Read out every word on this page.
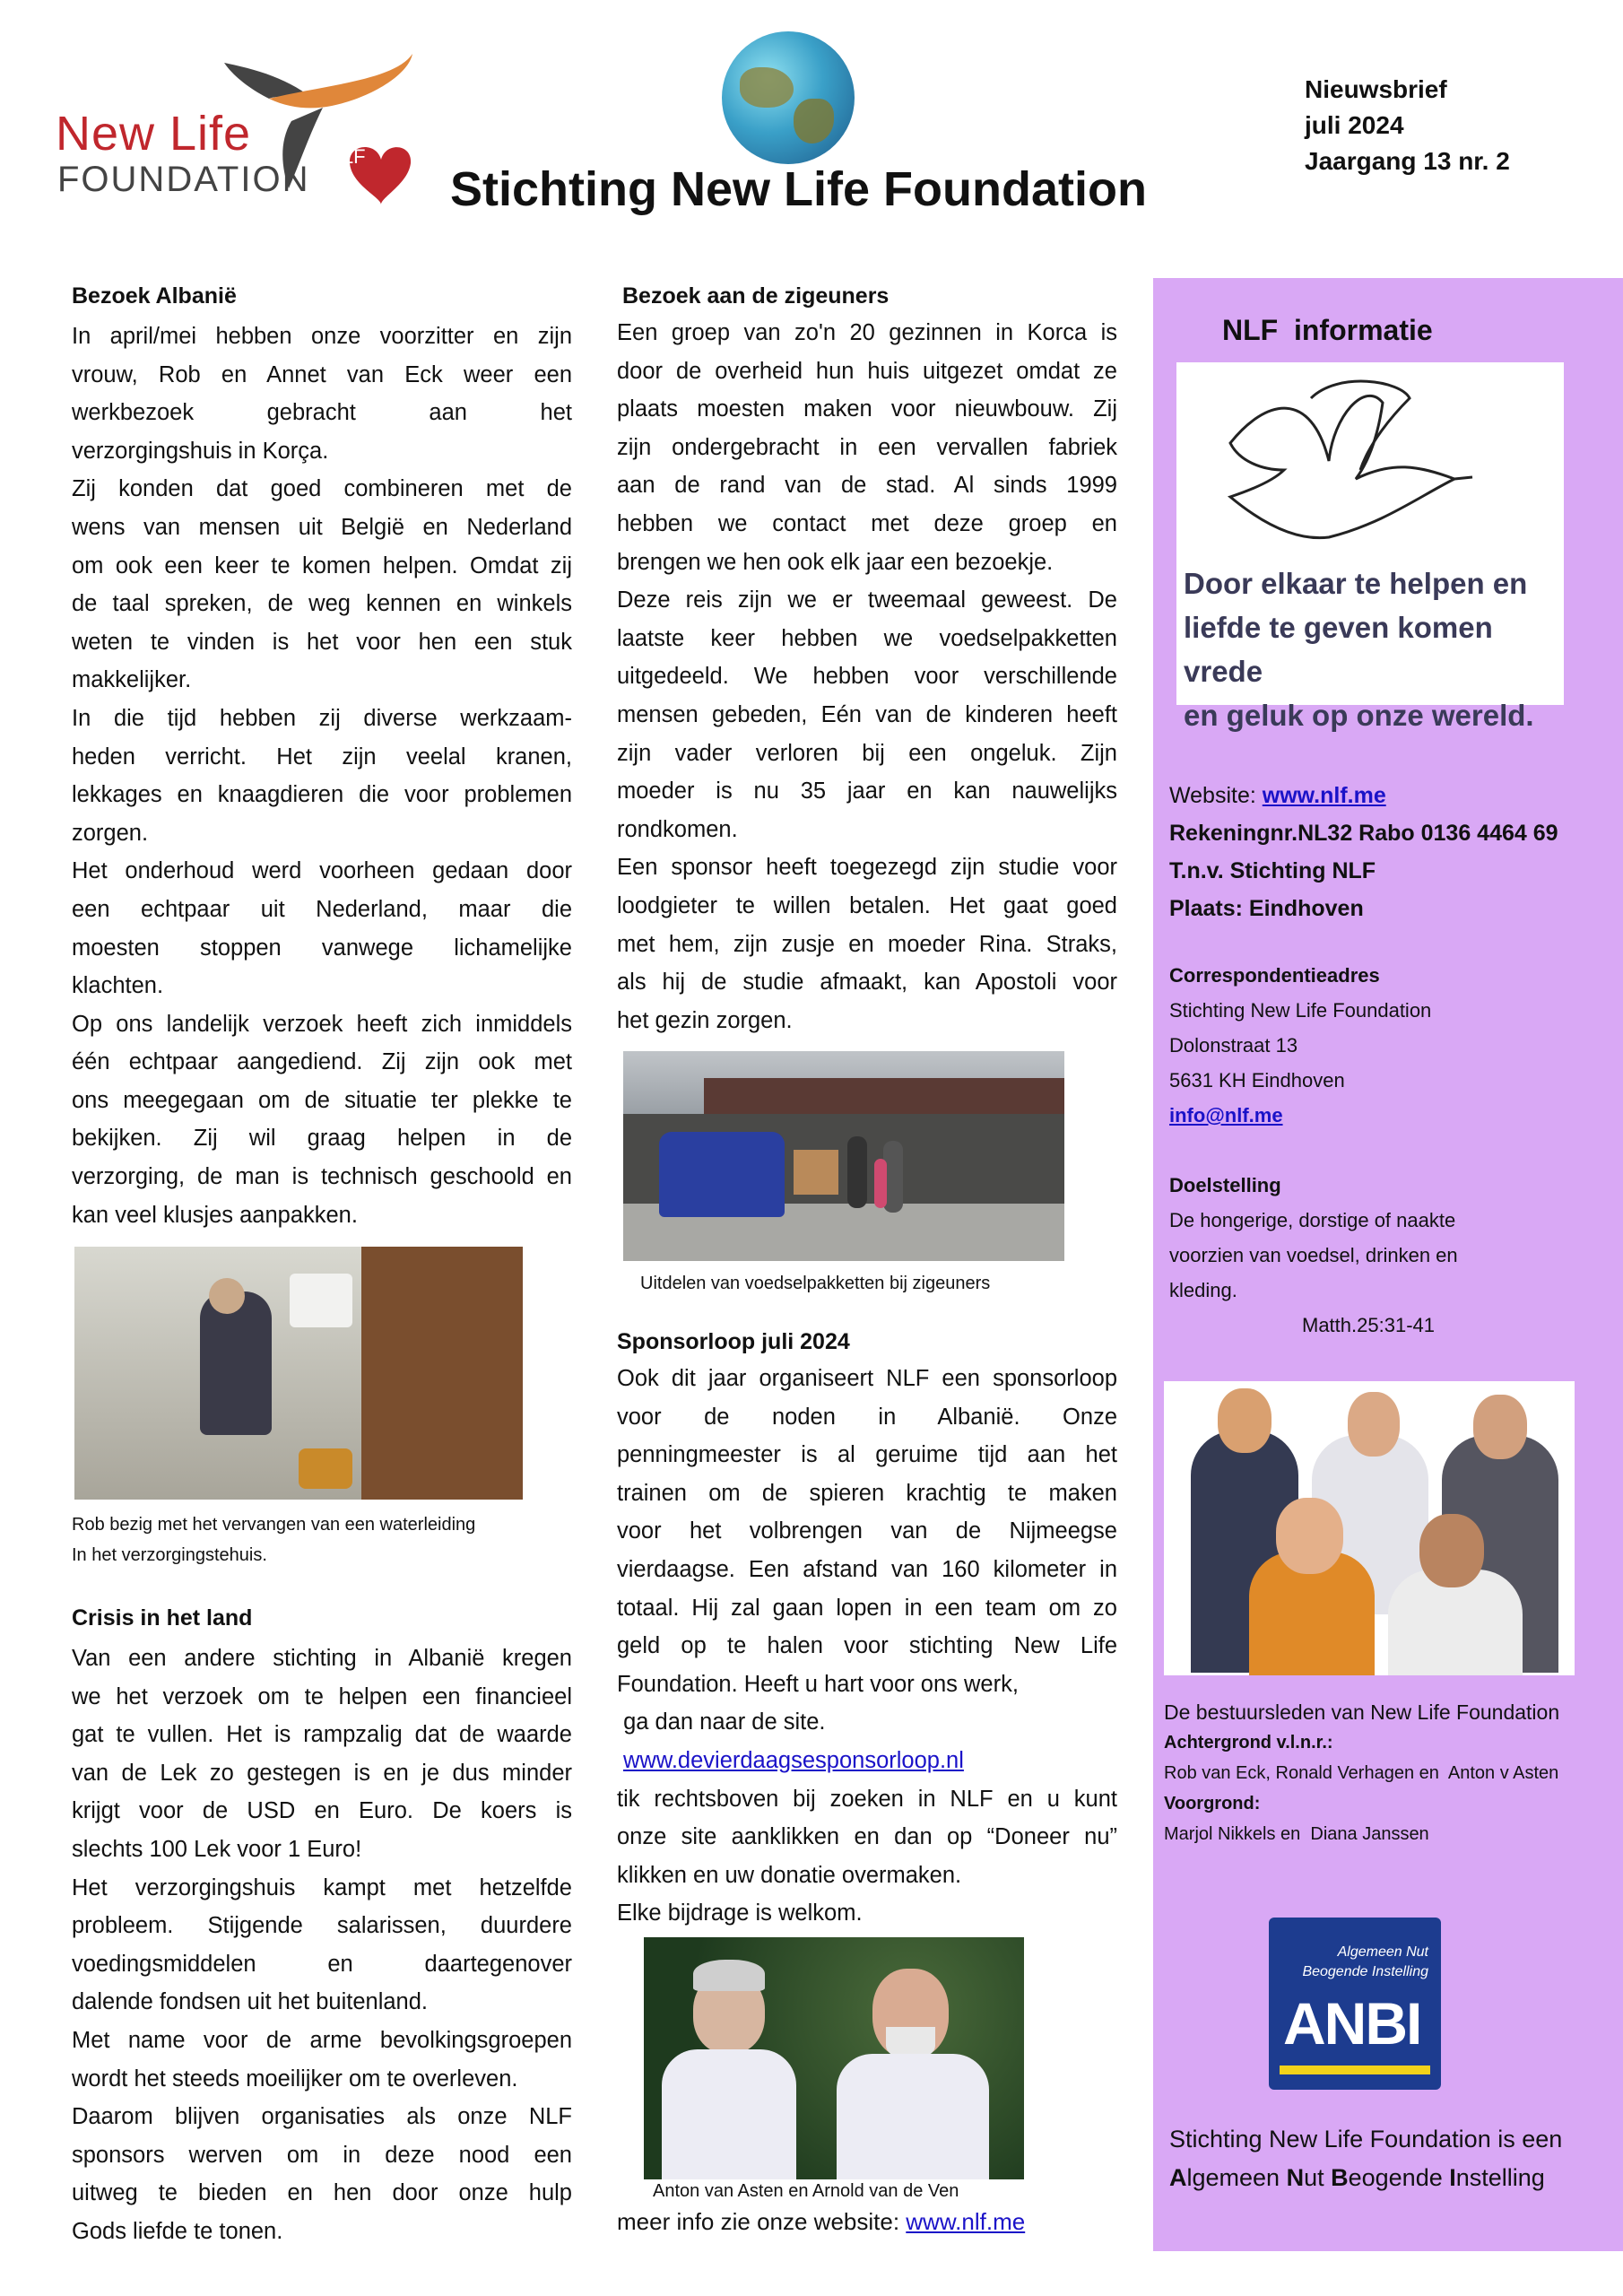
New Life
FOUNDATION
NLF
Stichting New Life Foundation
Nieuwsbrief
juli 2024
Jaargang 13 nr. 2
Bezoek Albanië
In april/mei hebben onze voorzitter en zijn
vrouw, Rob en Annet van Eck weer een
werkbezoek gebracht aan het
verzorgingshuis in Korça.
Zij konden dat goed combineren met de
wens van mensen uit België en Nederland
om ook een keer te komen helpen. Omdat zij
de taal spreken, de weg kennen en winkels
weten te vinden is het voor hen een stuk
makkelijker.
In die tijd hebben zij diverse werkzaam-
heden verricht. Het zijn veelal kranen,
lekkages en knaagdieren die voor problemen
zorgen.
Het onderhoud werd voorheen gedaan door
een echtpaar uit Nederland, maar die
moesten stoppen vanwege lichamelijke
klachten.
Op ons landelijk verzoek heeft zich inmiddels
één echtpaar aangediend. Zij zijn ook met
ons meegegaan om de situatie ter plekke te
bekijken. Zij wil graag helpen in de
verzorging, de man is technisch geschoold en
kan veel klusjes aanpakken.
Rob bezig met het vervangen van een waterleiding
In het verzorgingstehuis.
Crisis in het land
Van een andere stichting in Albanië kregen
we het verzoek om te helpen een financieel
gat te vullen. Het is rampzalig dat de waarde
van de Lek zo gestegen is en je dus minder
krijgt voor de USD en Euro. De koers is
slechts 100 Lek voor 1 Euro!
Het verzorgingshuis kampt met hetzelfde
probleem. Stijgende salarissen, duurdere
voedingsmiddelen en daartegenover
dalende fondsen uit het buitenland.
Met name voor de arme bevolkingsgroepen
wordt het steeds moeilijker om te overleven.
Daarom blijven organisaties als onze NLF
sponsors werven om in deze nood een
uitweg te bieden en hen door onze hulp
Gods liefde te tonen.
Bezoek aan de zigeuners
Een groep van zo'n 20 gezinnen in Korca is
door de overheid hun huis uitgezet omdat ze
plaats moesten maken voor nieuwbouw. Zij
zijn ondergebracht in een vervallen fabriek
aan de rand van de stad. Al sinds 1999
hebben we contact met deze groep en
brengen we hen ook elk jaar een bezoekje.
Deze reis zijn we er tweemaal geweest. De
laatste keer hebben we voedselpakketten
uitgedeeld. We hebben voor verschillende
mensen gebeden, Eén van de kinderen heeft
zijn vader verloren bij een ongeluk. Zijn
moeder is nu 35 jaar en kan nauwelijks
rondkomen.
Een sponsor heeft toegezegd zijn studie voor
loodgieter te willen betalen. Het gaat goed
met hem, zijn zusje en moeder Rina. Straks,
als hij de studie afmaakt, kan Apostoli voor
het gezin zorgen.
Uitdelen van voedselpakketten bij zigeuners
Sponsorloop juli 2024
Ook dit jaar organiseert NLF een sponsorloop
voor de noden in Albanië. Onze
penningmeester is al geruime tijd aan het
trainen om de spieren krachtig te maken
voor het volbrengen van de Nijmeegse
vierdaagse. Een afstand van 160 kilometer in
totaal. Hij zal gaan lopen in een team om zo
geld op te halen voor stichting New Life
Foundation. Heeft u hart voor ons werk,
ga dan naar de site.
www.devierdaagsesponsorloop.nl
tik rechtsboven bij zoeken in NLF en u kunt
onze site aanklikken en dan op “Doneer nu”
klikken en uw donatie overmaken.
Elke bijdrage is welkom.
Anton van Asten en Arnold van de Ven
meer info zie onze website: www.nlf.me
NLF  informatie
Door elkaar te helpen en
liefde te geven komen vrede
en geluk op onze wereld.
Website: www.nlf.me
Rekeningnr.NL32 Rabo 0136 4464 69
T.n.v. Stichting NLF
Plaats: Eindhoven
Correspondentieadres
Stichting New Life Foundation
Dolonstraat 13
5631 KH Eindhoven
info@nlf.me
Doelstelling
De hongerige, dorstige of naakte
voorzien van voedsel, drinken en
kleding.
Matth.25:31-41
De bestuursleden van New Life Foundation
Achtergrond v.l.n.r.:
Rob van Eck, Ronald Verhagen en  Anton v Asten
Voorgrond:
Marjol Nikkels en  Diana Janssen
Algemeen Nut
Beogende Instelling
ANBI
Stichting New Life Foundation is een
Algemeen Nut Beogende Instelling
